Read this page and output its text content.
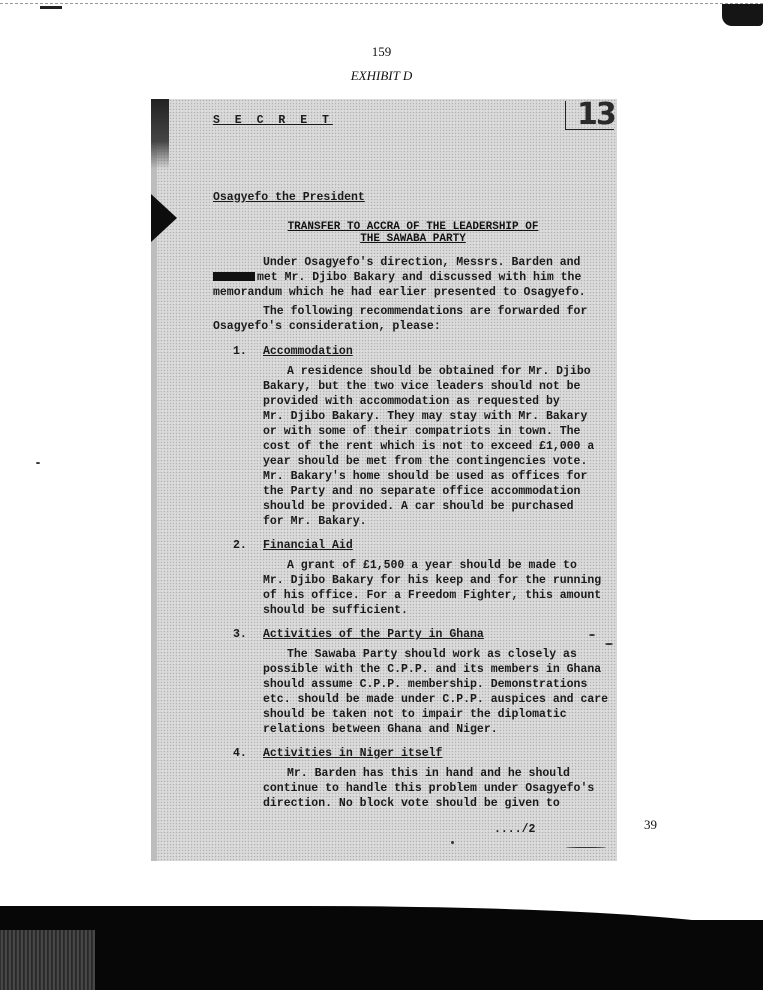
159
EXHIBIT D
39
13
S E C R E T
Osagyefo the President
TRANSFER TO ACCRA OF THE LEADERSHIP OF
THE SAWABA PARTY
Under Osagyefo's direction, Messrs. Barden and
met Mr. Djibo Bakary and discussed with him the
memorandum which he had earlier presented to Osagyefo.
The following recommendations are forwarded for
Osagyefo's consideration, please:
1. Accommodation
A residence should be obtained for Mr. Djibo
Bakary, but the two vice leaders should not be
provided with accommodation as requested by
Mr. Djibo Bakary. They may stay with Mr. Bakary
or with some of their compatriots in town. The
cost of the rent which is not to exceed £1,000 a
year should be met from the contingencies vote.
Mr. Bakary's home should be used as offices for
the Party and no separate office accommodation
should be provided. A car should be purchased
for Mr. Bakary.
2. Financial Aid
A grant of £1,500 a year should be made to
Mr. Djibo Bakary for his keep and for the running
of his office. For a Freedom Fighter, this amount
should be sufficient.
3. Activities of the Party in Ghana
The Sawaba Party should work as closely as
possible with the C.P.P. and its members in Ghana
should assume C.P.P. membership. Demonstrations
etc. should be made under C.P.P. auspices and care
should be taken not to impair the diplomatic
relations between Ghana and Niger.
4. Activities in Niger itself
Mr. Barden has this in hand and he should
continue to handle this problem under Osagyefo's
direction. No block vote should be given to
..../2
